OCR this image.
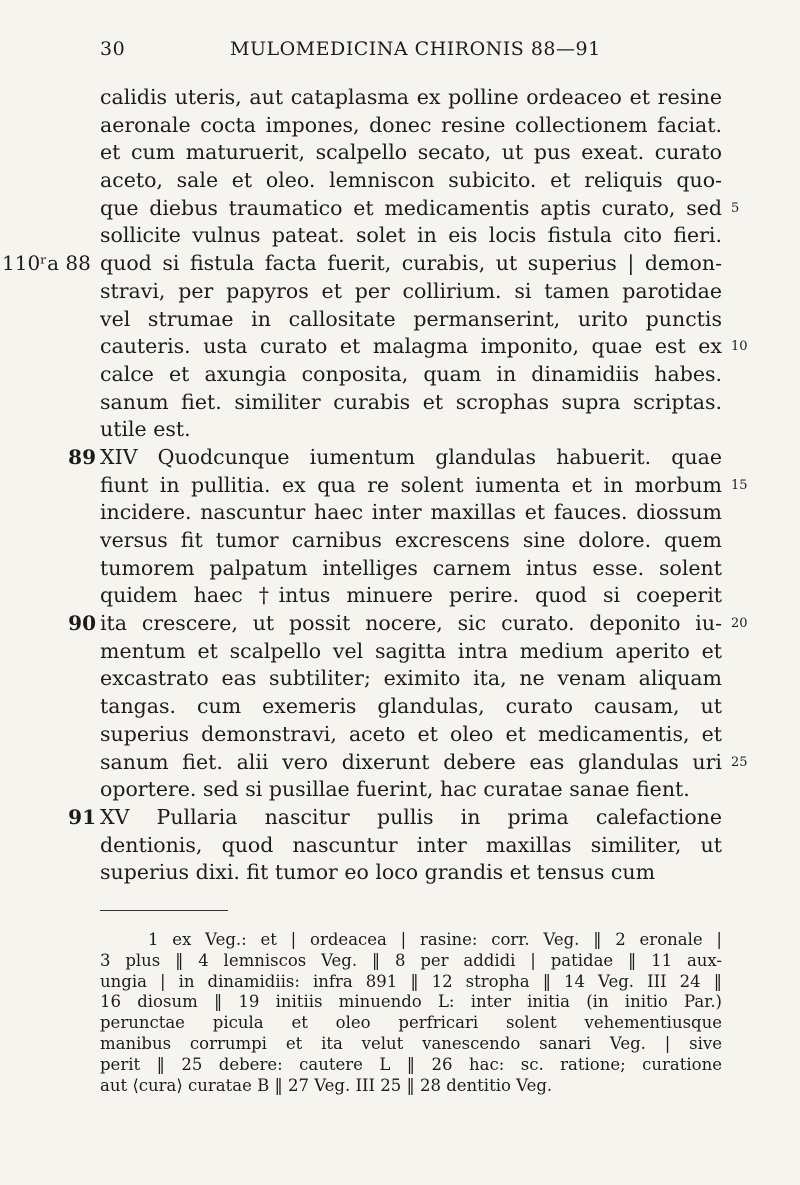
30	MULOMEDICINA CHIRONIS 88—91
calidis uteris, aut cataplasma ex polline ordeaceo et resine
aeronale cocta impones, donec resine collectionem faciat.
et cum maturuerit, scalpello secato, ut pus exeat. curato
aceto, sale et oleo. lemniscon subicito. et reliquis quo-
que diebus traumatico et medicamentis aptis curato, sed 5
sollicite vulnus pateat. solet in eis locis fistula cito fieri.
110ʳa 88 quod si fistula facta fuerit, curabis, ut superius | demon-
stravi, per papyros et per collirium. si tamen parotidae
vel strumae in callositate permanserint, urito punctis
cauteris. usta curato et malagma imponito, quae est ex 10
calce et axungia conposita, quam in dinamidiis habes.
sanum fiet. similiter curabis et scrophas supra scriptas.
utile est.
89 XIV Quodcunque iumentum glandulas habuerit. quae
fiunt in pullitia. ex qua re solent iumenta et in morbum 15
incidere. nascuntur haec inter maxillas et fauces. diossum
versus fit tumor carnibus excrescens sine dolore. quem
tumorem palpatum intelliges carnem intus esse. solent
quidem haec †intus minuere perire. quod si coeperit
90 ita crescere, ut possit nocere, sic curato. deponito iu- 20
mentum et scalpello vel sagitta intra medium aperito et
excastrato eas subtiliter; eximito ita, ne venam aliquam
tangas. cum exemeris glandulas, curato causam, ut
superius demonstravi, aceto et oleo et medicamentis, et
sanum fiet. alii vero dixerunt debere eas glandulas uri 25
oportere. sed si pusillae fuerint, hac curatae sanae fient.
91 XV Pullaria nascitur pullis in prima calefactione
dentionis, quod nascuntur inter maxillas similiter, ut
superius dixi. fit tumor eo loco grandis et tensus cum
1 ex Veg.: et | ordeacea | rasine: corr. Veg. ‖ 2 eronale |
3 plus ‖ 4 lemniscos Veg. ‖ 8 per addidi | patidae ‖ 11 aux-
ungia | in dinamidiis: infra 891 ‖ 12 stropha ‖ 14 Veg. III 24 ‖
16 diosum ‖ 19 initiis minuendo L: inter initia (in initio Par.)
perunctae picula et oleo perfricari solent vehementiusque
manibus corrumpi et ita velut vanescendo sanari Veg. | sive
perit ‖ 25 debere: cautere L ‖ 26 hac: sc. ratione; curatione
aut ⟨cura⟩ curatae B ‖ 27 Veg. III 25 ‖ 28 dentitio Veg.
